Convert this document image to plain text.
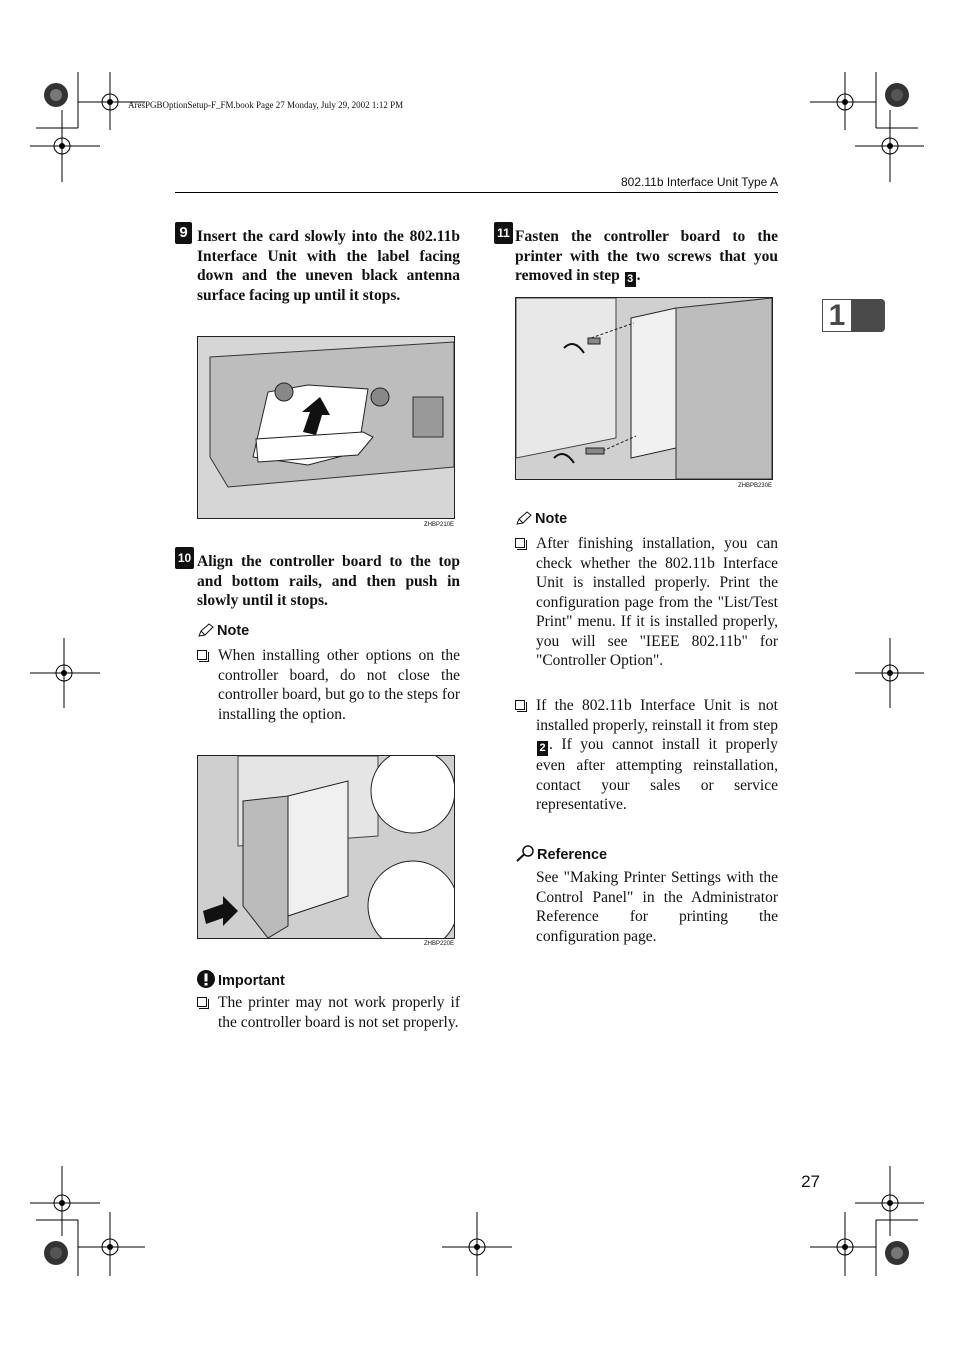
AresPGBOptionSetup-F_FM.book Page 27 Monday, July 29, 2002 1:12 PM
802.11b Interface Unit Type A
1
9 Insert the card slowly into the 802.11b Interface Unit with the label facing down and the uneven black antenna surface facing up until it stops.
ZHBP210E
10 Align the controller board to the top and bottom rails, and then push in slowly until it stops.
Note
When installing other options on the controller board, do not close the controller board, but go to the steps for installing the option.
ZHBP220E
Important
The printer may not work properly if the controller board is not set properly.
11 Fasten the controller board to the printer with the two screws that you removed in step 3 .
ZHBPB230E
Note
After finishing installation, you can check whether the 802.11b Interface Unit is installed properly. Print the configuration page from the "List/Test Print" menu. If it is installed properly, you will see "IEEE 802.11b" for "Controller Option".
If the 802.11b Interface Unit is not installed properly, reinstall it from step 2 . If you cannot install it properly even after attempting reinstallation, contact your sales or service representative.
Reference
See "Making Printer Settings with the Control Panel" in the Administrator Reference for printing the configuration page.
27
